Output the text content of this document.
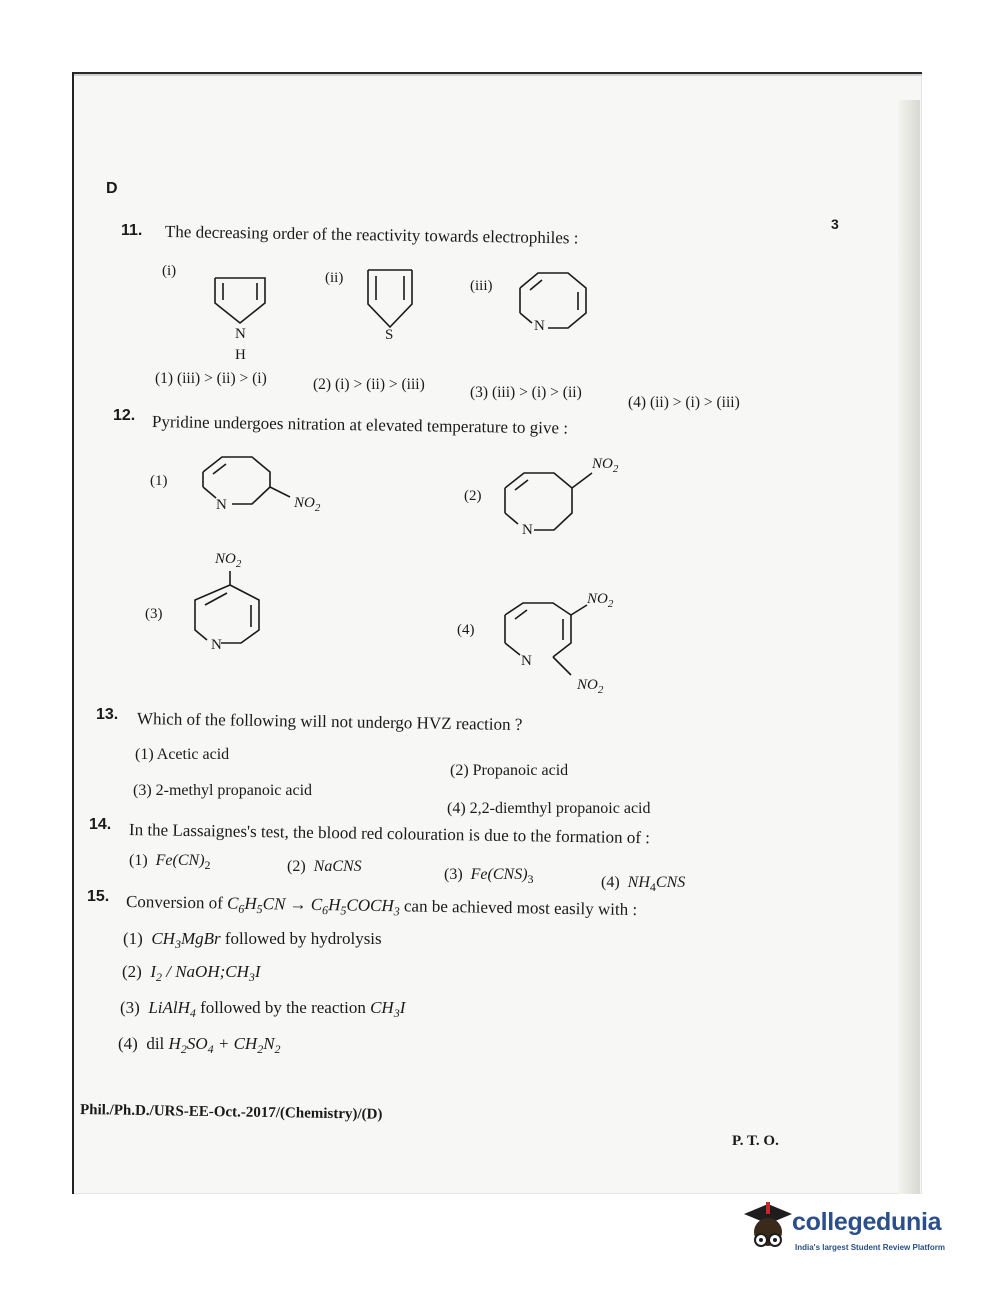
D
3
11. The decreasing order of the reactivity towards electrophiles :
(i)	(ii)	(iii)
N
H
S
N
(1) (iii) > (ii) > (i)	(2) (i) > (ii) > (iii)	(3) (iii) > (i) > (ii)
(4) (ii) > (i) > (iii)
12. Pyridine undergoes nitration at elevated temperature to give :
(1)
N	$NO_2$
(2)
N
$NO_2$
(3)
$NO_2$
N
(4)
N
$NO_2$
$NO_2$
13. Which of the following will not undergo HVZ reaction ?
(1) Acetic acid
(2) Propanoic acid
(3) 2-methyl propanoic acid
(4) 2,2-diemthyl propanoic acid
14. In the Lassaignes's test, the blood red colouration is due to the formation of :
(1) $Fe(CN)_2$	(2) NaCNS	(3) $Fe(CNS)_3$	(4) $NH_4CNS$
15. Conversion of $C_6H_5CN$ → $C_6H_5COCH_3$ can be achieved most easily with :
(1) $CH_3MgBr$ followed by hydrolysis
(2) $I_2$ / $NaOH;CH_3I$
(3) LiAlH$_4$ followed by the reaction $CH_3I$
(4) dil $H_2SO_4 + CH_2N_2$
Phil./Ph.D./URS-EE-Oct.-2017/(Chemistry)/(D)
P. T. O.
collegedunia
India's largest Student Review Platform
